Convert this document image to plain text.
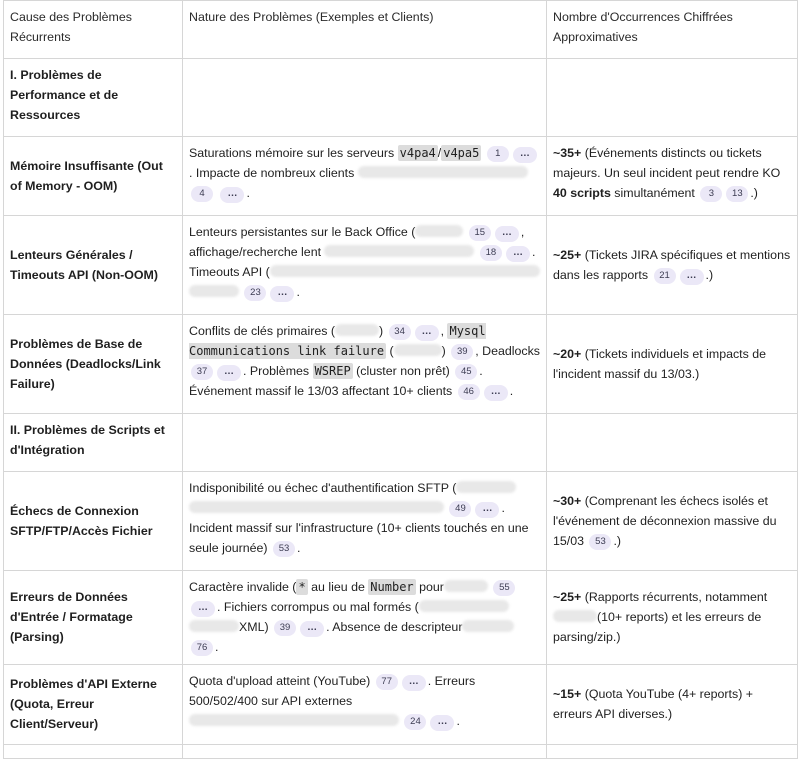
Cause des Problèmes Récurrents	Nature des Problèmes (Exemples et Clients)	Nombre d'Occurrences Chiffrées Approximatives
I. Problèmes de Performance et de Ressources		
Mémoire Insuffisante (Out of Memory - OOM)	Saturations mémoire sur les serveurs v4pa4 / v4pa5 1 …. Impacte de nombreux clients  4 … .	~35+ (Événements distincts ou tickets majeurs. Un seul incident peut rendre KO 40 scripts simultanément 3 13 .)
Lenteurs Générales / Timeouts API (Non-OOM)	Lenteurs persistantes sur le Back Office ( 15 … , affichage/recherche lent 18 … . Timeouts API (  23 … .	~25+ (Tickets JIRA spécifiques et mentions dans les rapports 21 … .)
Problèmes de Base de Données (Deadlocks/Link Failure)	Conflits de clés primaires ( ) 34 … , Mysql Communications link failure ( ) 39 , Deadlocks 37 … . Problèmes WSREP (cluster non prêt) 45 . Événement massif le 13/03 affectant 10+ clients 46 … .	~20+ (Tickets individuels et impacts de l'incident massif du 13/03.)
II. Problèmes de Scripts et d'Intégration		
Échecs de Connexion SFTP/FTP/Accès Fichier	Indisponibilité ou échec d'authentification SFTP (  49 … . Incident massif sur l'infrastructure (10+ clients touchés en une seule journée) 53 .	~30+ (Comprenant les échecs isolés et l'événement de déconnexion massive du 15/03 53 .)
Erreurs de Données d'Entrée / Formatage (Parsing)	Caractère invalide ( * au lieu de Number pour 55… . Fichiers corrompus ou mal formés (XML) 39 … . Absence de descripteur 76 .	~25+ (Rapports récurrents, notamment (10+ reports) et les erreurs de parsing/zip.)
Problèmes d'API Externe (Quota, Erreur Client/Serveur)	Quota d'upload atteint (YouTube) 77 … . Erreurs 500/502/400 sur API externes  24 … .	~15+ (Quota YouTube (4+ reports) + erreurs API diverses.)
